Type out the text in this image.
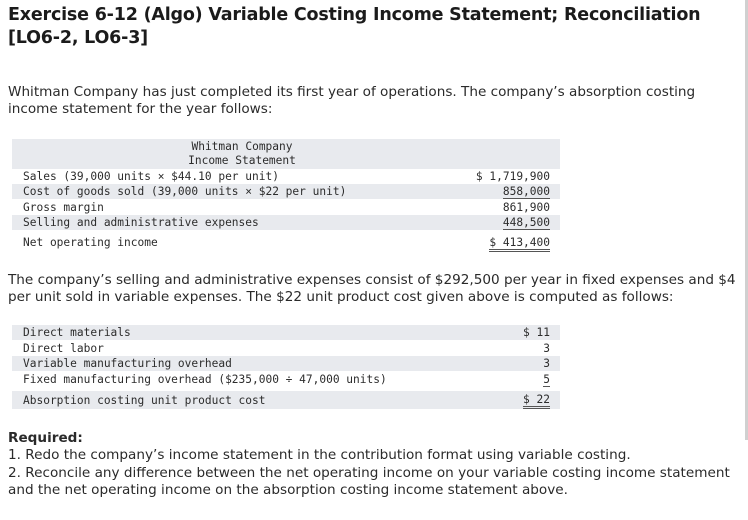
Exercise 6-12 (Algo) Variable Costing Income Statement; Reconciliation [LO6-2, LO6-3]
Whitman Company has just completed its first year of operations. The company’s absorption costing income statement for the year follows:
Whitman Company
Income Statement
Sales (39,000 units × $44.10 per unit)	$ 1,719,900
Cost of goods sold (39,000 units × $22 per unit)	858,000
Gross margin	861,900
Selling and administrative expenses	448,500
Net operating income	$ 413,400
The company’s selling and administrative expenses consist of $292,500 per year in fixed expenses and $4 per unit sold in variable expenses. The $22 unit product cost given above is computed as follows:
Direct materials	$ 11
Direct labor	3
Variable manufacturing overhead	3
Fixed manufacturing overhead ($235,000 ÷ 47,000 units)	5
Absorption costing unit product cost	$ 22
Required:
1. Redo the company’s income statement in the contribution format using variable costing.
2. Reconcile any difference between the net operating income on your variable costing income statement and the net operating income on the absorption costing income statement above.
